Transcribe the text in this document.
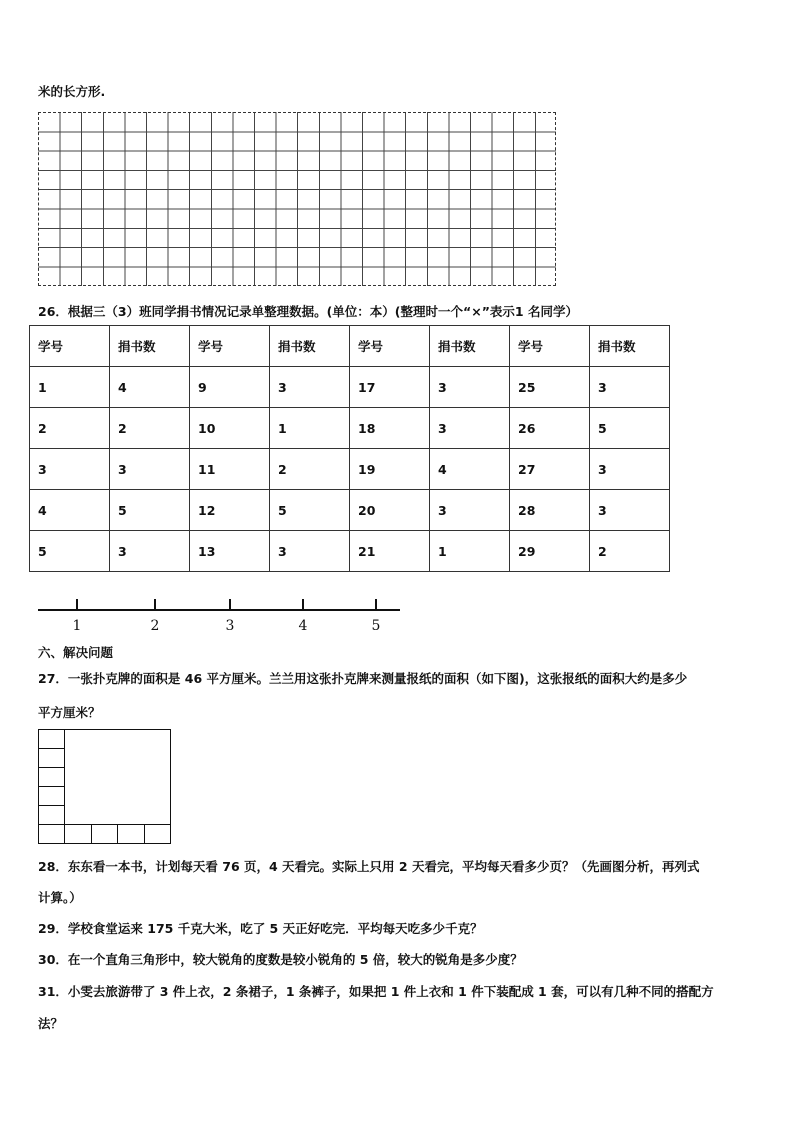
米的长方形.
26．根据三（3）班同学捐书情况记录单整理数据。(单位：本）(整理时一个“×”表示1 名同学）
学号	捐书数	学号	捐书数	学号	捐书数	学号	捐书数
1	4	9	3	17	3	25	3
2	2	10	1	18	3	26	5
3	3	11	2	19	4	27	3
4	5	12	5	20	3	28	3
5	3	13	3	21	1	29	2
1	2	3	4	5
六、解决问题
27．一张扑克牌的面积是 46 平方厘米。兰兰用这张扑克牌来测量报纸的面积（如下图)，这张报纸的面积大约是多少
平方厘米？
28．东东看一本书，计划每天看 76 页，4 天看完。实际上只用 2 天看完，平均每天看多少页？（先画图分析，再列式
计算。）
29．学校食堂运来 175 千克大米，吃了 5 天正好吃完．平均每天吃多少千克？
30．在一个直角三角形中，较大锐角的度数是较小锐角的 5 倍，较大的锐角是多少度？
31．小雯去旅游带了 3 件上衣，2 条裙子，1 条裤子，如果把 1 件上衣和 1 件下装配成 1 套，可以有几种不同的搭配方
法？
